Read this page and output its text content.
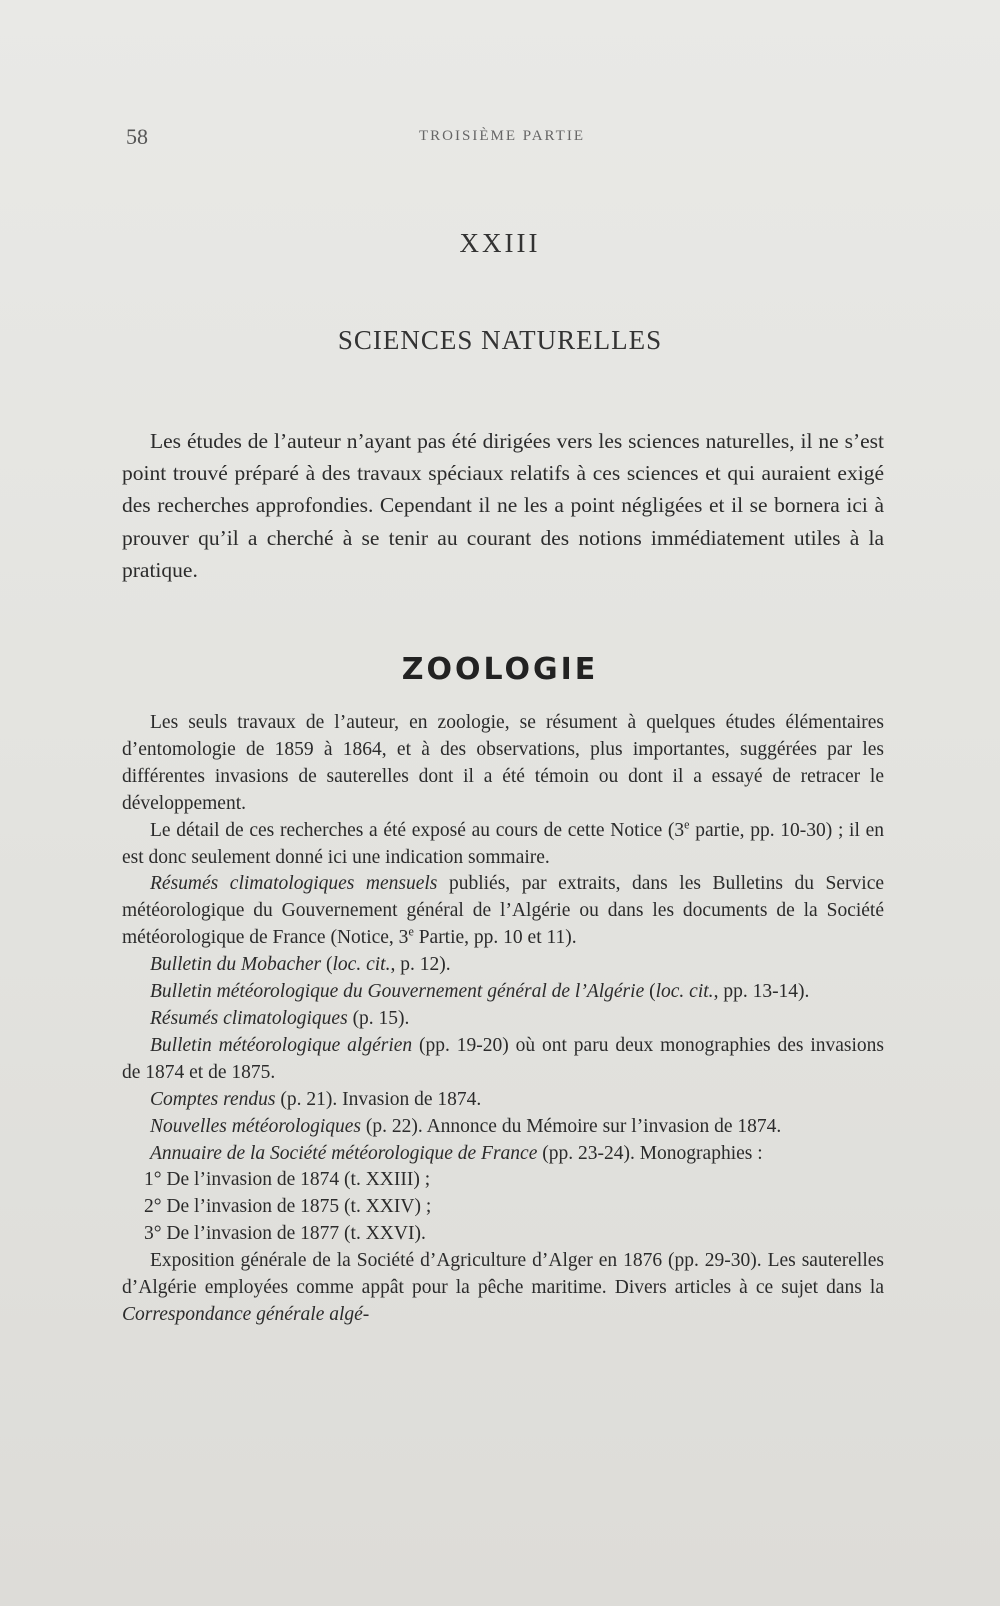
58	TROISIÈME PARTIE
XXIII
SCIENCES NATURELLES

Les études de l’auteur n’ayant pas été dirigées vers les sciences naturelles, il ne s’est point trouvé préparé à des travaux spéciaux relatifs à ces sciences et qui auraient exigé des recherches approfondies. Cependant il ne les a point négligées et il se bornera ici à prouver qu’il a cherché à se tenir au courant des notions immédiatement utiles à la pratique.

ZOOLOGIE

Les seuls travaux de l’auteur, en zoologie, se résument à quelques études élémentaires d’entomologie de 1859 à 1864, et à des observations, plus importantes, suggérées par les différentes invasions de sauterelles dont il a été témoin ou dont il a essayé de retracer le développement.

Le détail de ces recherches a été exposé au cours de cette Notice (3e partie, pp. 10-30) ; il en est donc seulement donné ici une indication sommaire.

Résumés climatologiques mensuels publiés, par extraits, dans les Bulletins du Service météorologique du Gouvernement général de l’Algérie ou dans les documents de la Société météorologique de France (Notice, 3e Partie, pp. 10 et 11).

Bulletin du Mobacher (loc. cit., p. 12).

Bulletin météorologique du Gouvernement général de l’Algérie (loc. cit., pp. 13-14).

Résumés climatologiques (p. 15).

Bulletin météorologique algérien (pp. 19-20) où ont paru deux monographies des invasions de 1874 et de 1875.

Comptes rendus (p. 21). Invasion de 1874.

Nouvelles météorologiques (p. 22). Annonce du Mémoire sur l’invasion de 1874.

Annuaire de la Société météorologique de France (pp. 23-24). Monographies :

1° De l’invasion de 1874 (t. XXIII) ;

2° De l’invasion de 1875 (t. XXIV) ;

3° De l’invasion de 1877 (t. XXVI).

Exposition générale de la Société d’Agriculture d’Alger en 1876 (pp. 29-30). Les sauterelles d’Algérie employées comme appât pour la pêche maritime. Divers articles à ce sujet dans la Correspondance générale algé-
